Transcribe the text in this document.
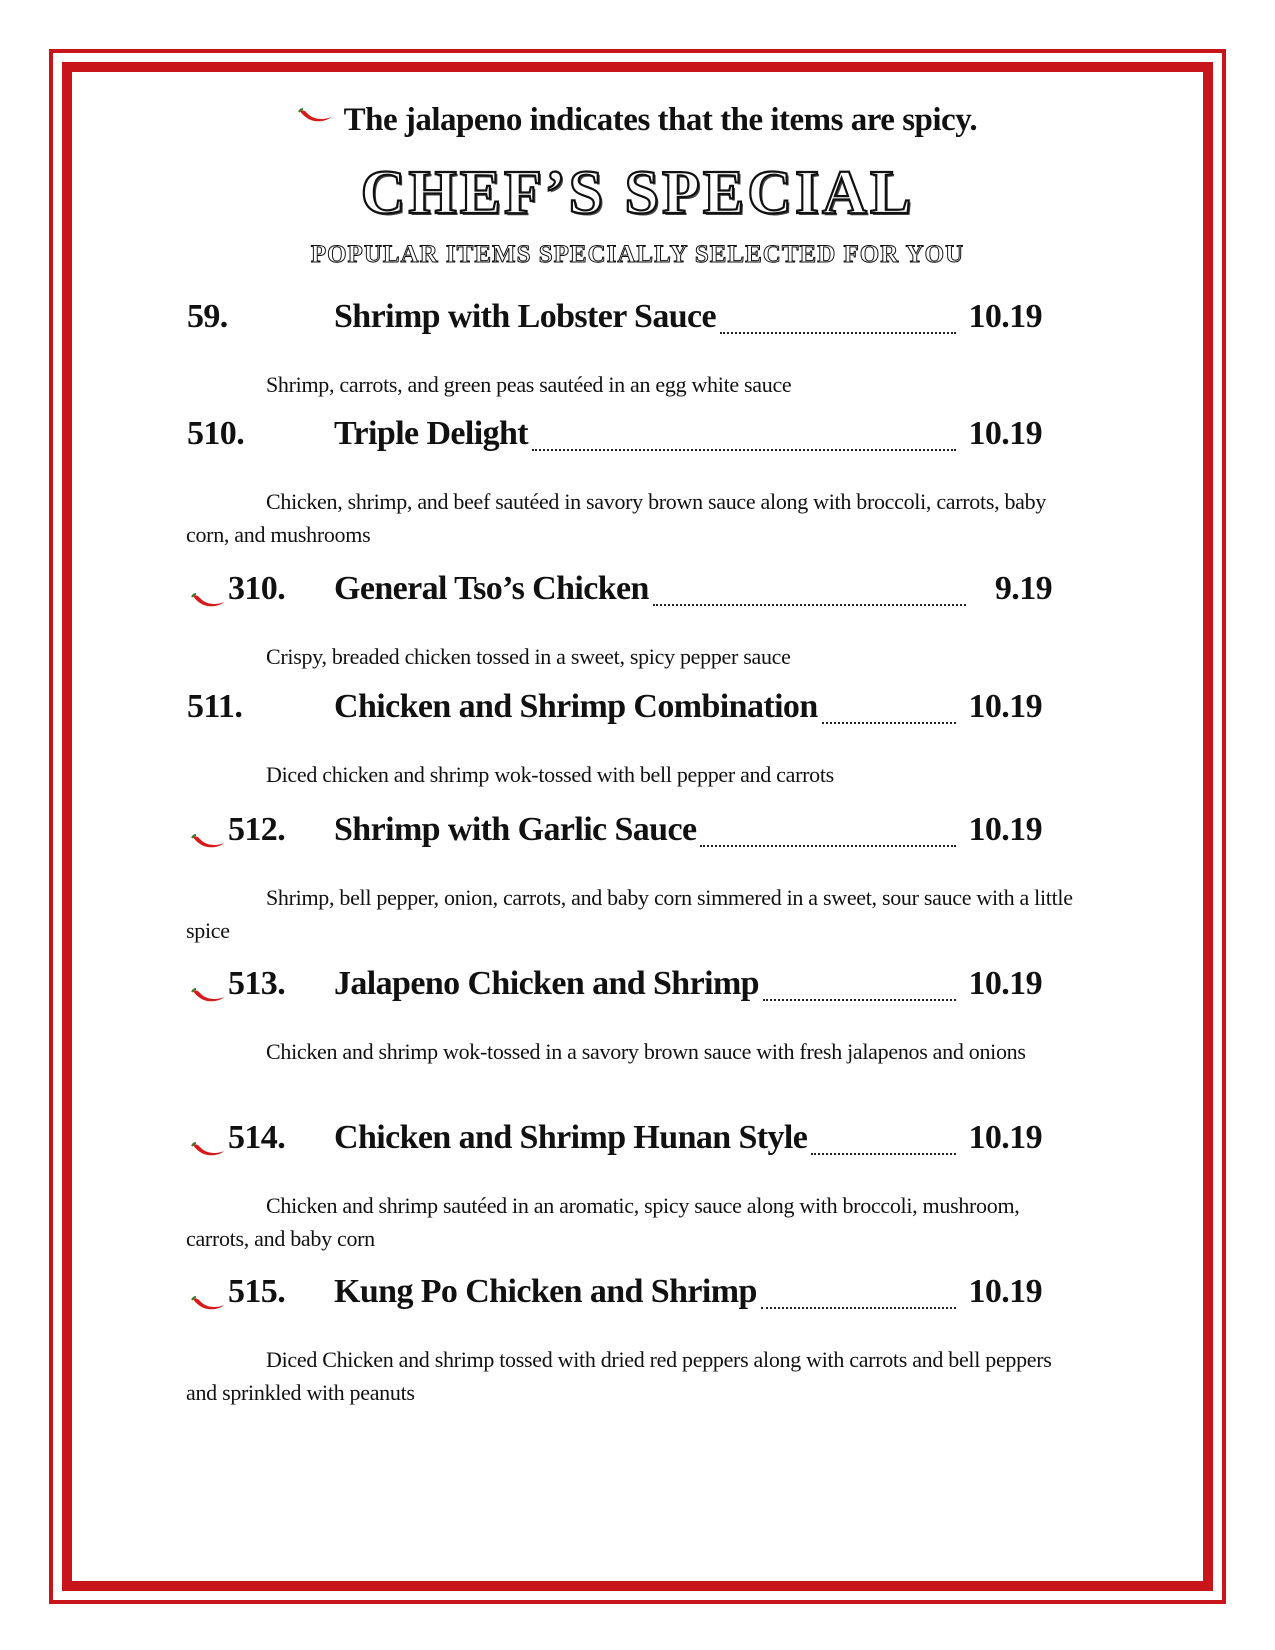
The jalapeno indicates that the items are spicy.
CHEF’S SPECIAL
POPULAR ITEMS SPECIALLY SELECTED FOR YOU
59.	Shrimp with Lobster Sauce	10.19
Shrimp, carrots, and green peas sautéed in an egg white sauce
510.	Triple Delight	10.19
Chicken, shrimp, and beef sautéed in savory brown sauce along with broccoli, carrots, baby corn, and mushrooms
310. General Tso’s Chicken	9.19
Crispy, breaded chicken tossed in a sweet, spicy pepper sauce
511.	Chicken and Shrimp Combination	10.19
Diced chicken and shrimp wok-tossed with bell pepper and carrots
512. Shrimp with Garlic Sauce	10.19
Shrimp, bell pepper, onion, carrots, and baby corn simmered in a sweet, sour sauce with a little spice
513. Jalapeno Chicken and Shrimp	10.19
Chicken and shrimp wok-tossed in a savory brown sauce with fresh jalapenos and onions
514. Chicken and Shrimp Hunan Style	10.19
Chicken and shrimp sautéed in an aromatic, spicy sauce along with broccoli, mushroom, carrots, and baby corn
515. Kung Po Chicken and Shrimp	10.19
Diced Chicken and shrimp tossed with dried red peppers along with carrots and bell peppers and sprinkled with peanuts
